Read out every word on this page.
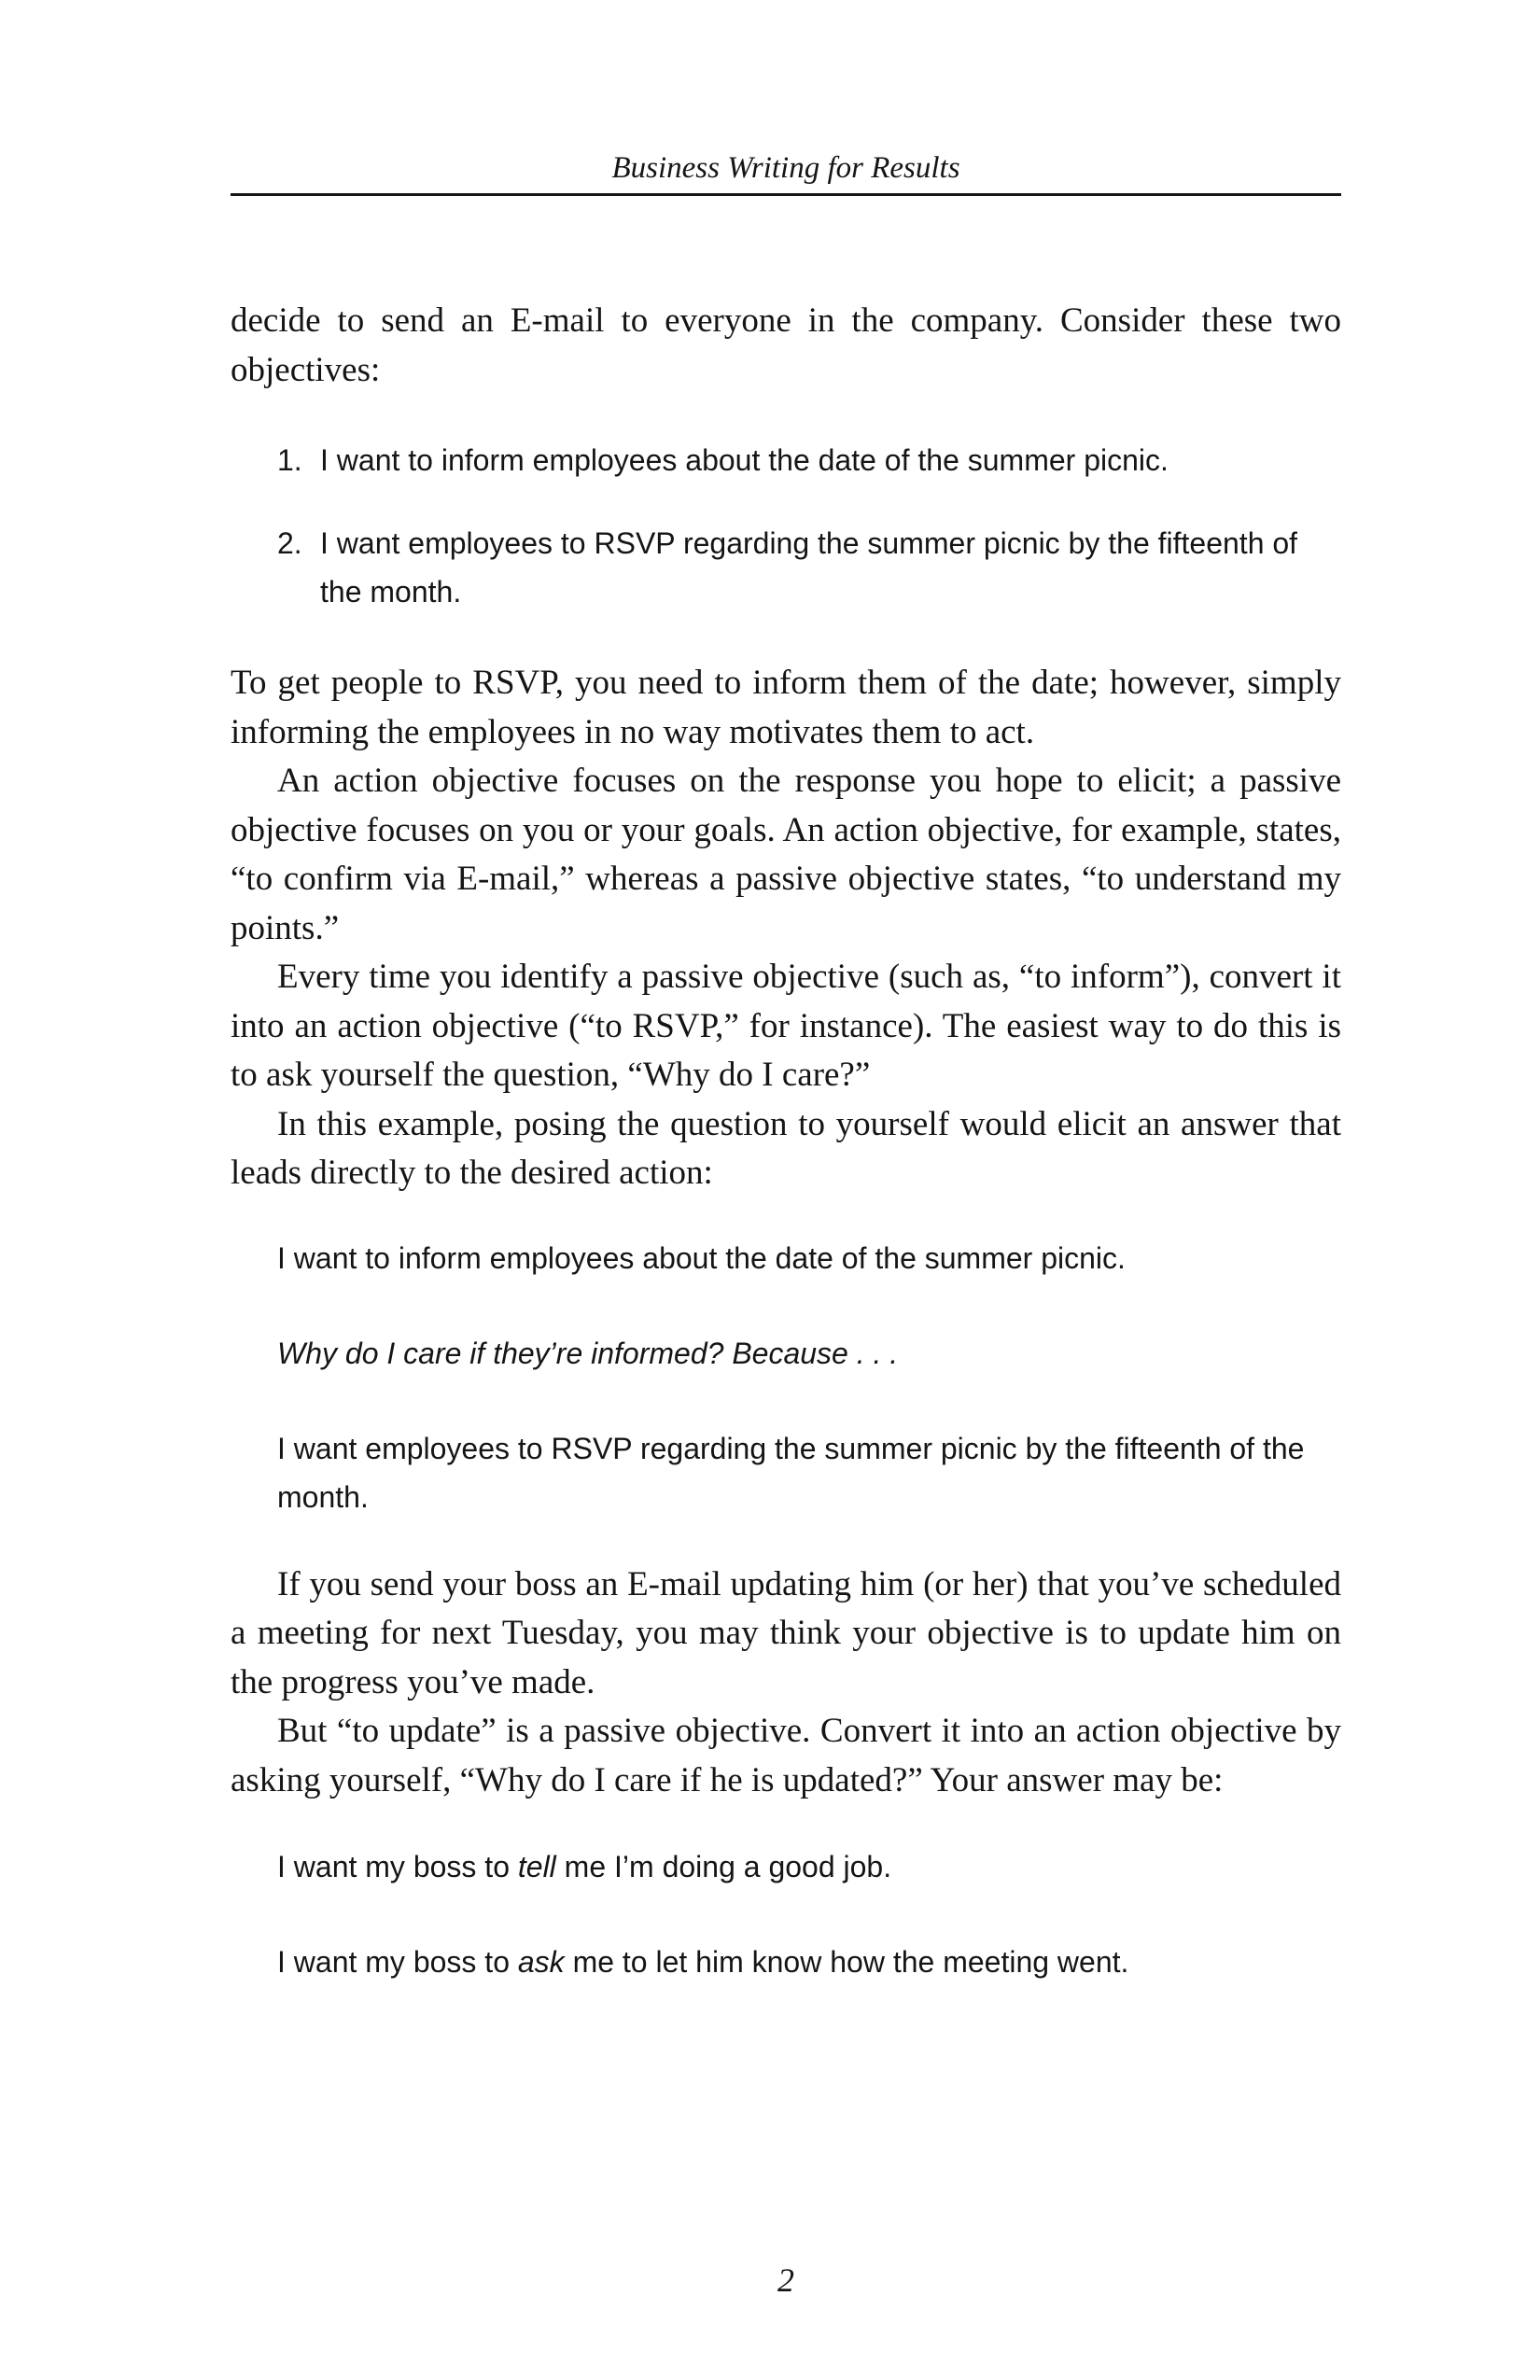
Business Writing for Results

decide to send an E-mail to everyone in the company. Consider these two objectives:

1. I want to inform employees about the date of the summer picnic.
2. I want employees to RSVP regarding the summer picnic by the fifteenth of the month.

To get people to RSVP, you need to inform them of the date; however, simply informing the employees in no way motivates them to act.

An action objective focuses on the response you hope to elicit; a passive objective focuses on you or your goals. An action objective, for example, states, “to confirm via E-mail,” whereas a passive objective states, “to understand my points.”

Every time you identify a passive objective (such as, “to inform”), convert it into an action objective (“to RSVP,” for instance). The easiest way to do this is to ask yourself the question, “Why do I care?”

In this example, posing the question to yourself would elicit an answer that leads directly to the desired action:

I want to inform employees about the date of the summer picnic.

Why do I care if they’re informed? Because . . .

I want employees to RSVP regarding the summer picnic by the fifteenth of the month.

If you send your boss an E-mail updating him (or her) that you’ve scheduled a meeting for next Tuesday, you may think your objective is to update him on the progress you’ve made.

But “to update” is a passive objective. Convert it into an action objective by asking yourself, “Why do I care if he is updated?” Your answer may be:

I want my boss to tell me I’m doing a good job.

I want my boss to ask me to let him know how the meeting went.

2
